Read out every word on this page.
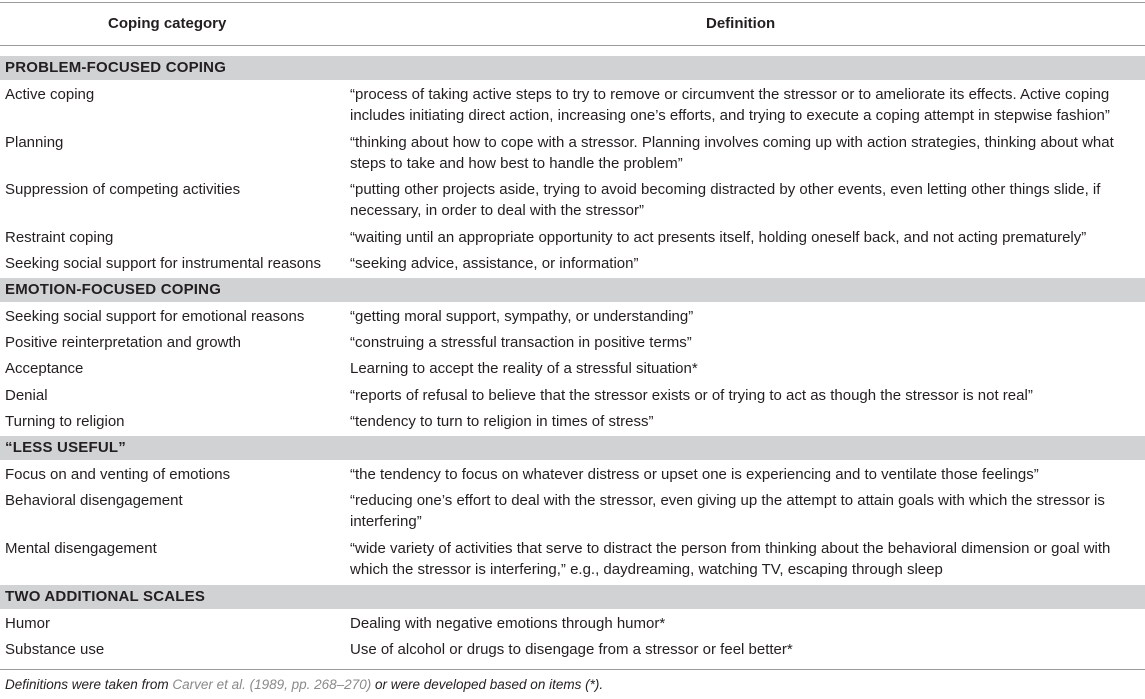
Coping category	Definition
PROBLEM-FOCUSED COPING
Active coping	“process of taking active steps to try to remove or circumvent the stressor or to ameliorate its effects. Active coping includes initiating direct action, increasing one’s efforts, and trying to execute a coping attempt in stepwise fashion”
Planning	“thinking about how to cope with a stressor. Planning involves coming up with action strategies, thinking about what steps to take and how best to handle the problem”
Suppression of competing activities	“putting other projects aside, trying to avoid becoming distracted by other events, even letting other things slide, if necessary, in order to deal with the stressor”
Restraint coping	“waiting until an appropriate opportunity to act presents itself, holding oneself back, and not acting prematurely”
Seeking social support for instrumental reasons	“seeking advice, assistance, or information”
EMOTION-FOCUSED COPING
Seeking social support for emotional reasons	“getting moral support, sympathy, or understanding”
Positive reinterpretation and growth	“construing a stressful transaction in positive terms”
Acceptance	Learning to accept the reality of a stressful situation*
Denial	“reports of refusal to believe that the stressor exists or of trying to act as though the stressor is not real”
Turning to religion	“tendency to turn to religion in times of stress”
“LESS USEFUL”
Focus on and venting of emotions	“the tendency to focus on whatever distress or upset one is experiencing and to ventilate those feelings”
Behavioral disengagement	“reducing one’s effort to deal with the stressor, even giving up the attempt to attain goals with which the stressor is interfering”
Mental disengagement	“wide variety of activities that serve to distract the person from thinking about the behavioral dimension or goal with which the stressor is interfering,” e.g., daydreaming, watching TV, escaping through sleep
TWO ADDITIONAL SCALES
Humor	Dealing with negative emotions through humor*
Substance use	Use of alcohol or drugs to disengage from a stressor or feel better*
Definitions were taken from Carver et al. (1989, pp. 268–270) or were developed based on items (*).
